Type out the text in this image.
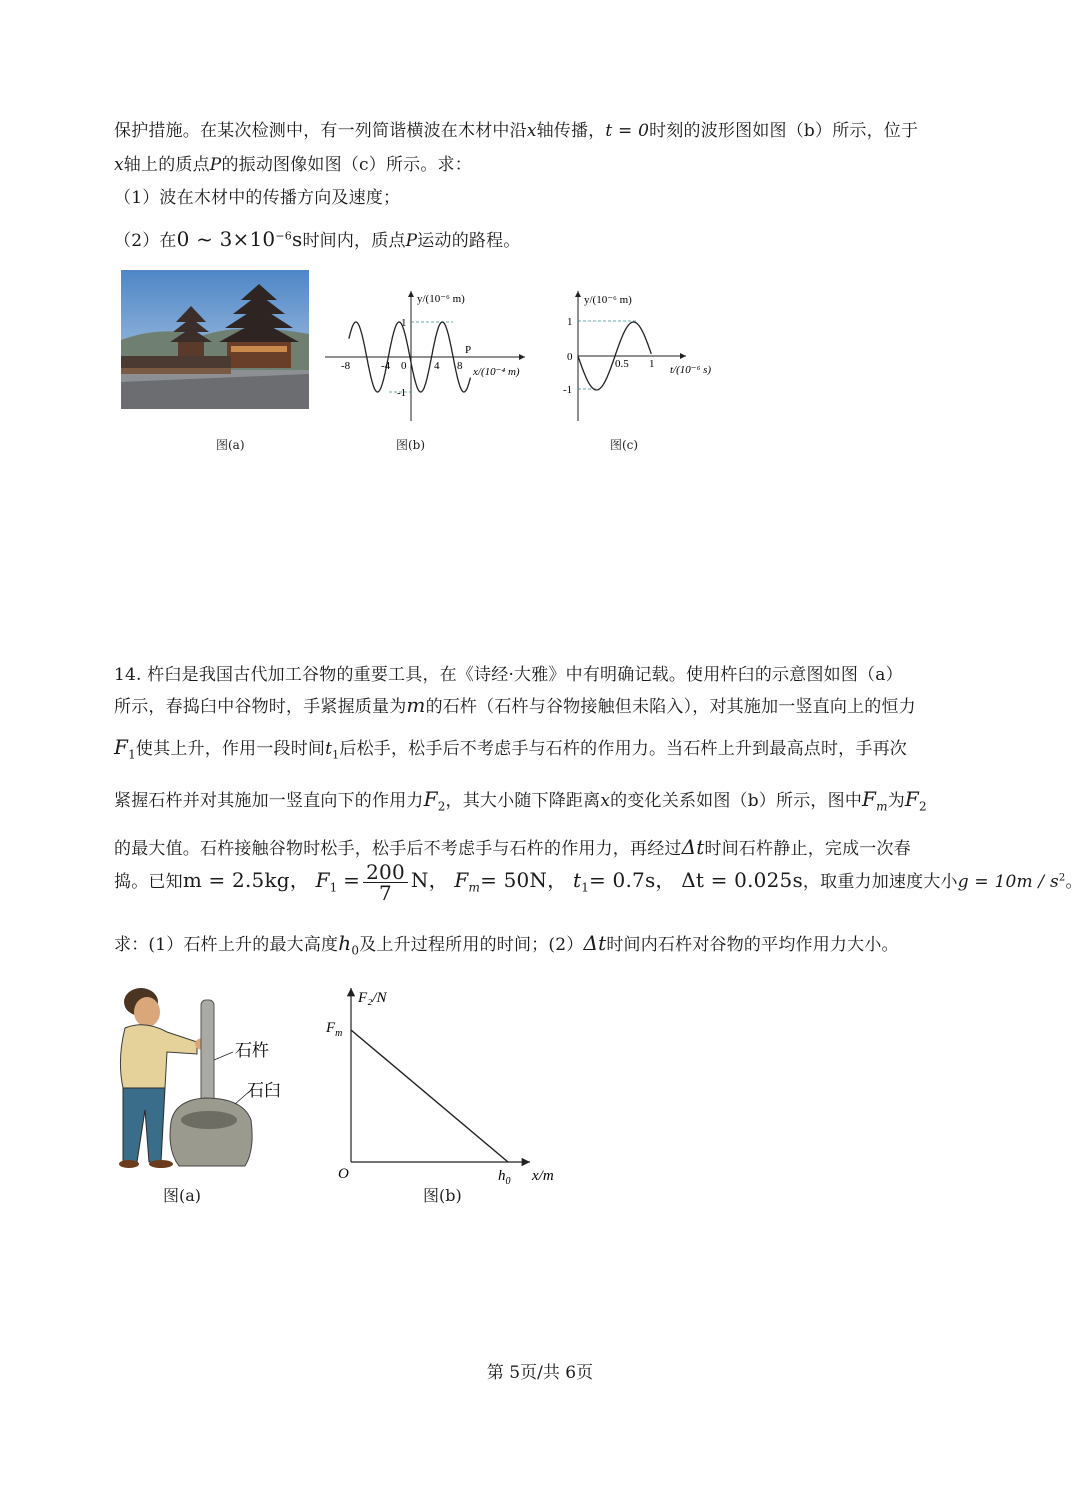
保护措施。在某次检测中，有一列简谐横波在木材中沿x轴传播，t = 0时刻的波形图如图（b）所示，位于
x轴上的质点P的振动图像如图（c）所示。求：
（1）波在木材中的传播方向及速度；
（2）在0 ~ $3\times 10^{-6}s$时间内，质点P运动的路程。
图(a)
y/(10⁻⁶ m)
x/(10⁻⁴ m)
-8	-4 0	4 8
1
-1
P
图(b)
y/(10⁻⁶ m)
t/(10⁻⁶ s)
0.5 1
1
0
-1
图(c)
14. 杵臼是我国古代加工谷物的重要工具，在《诗经·大雅》中有明确记载。使用杵臼的示意图如图（a）
所示，春捣臼中谷物时，手紧握质量为m的石杵（石杵与谷物接触但未陷入），对其施加一竖直向上的恒力
$F_1$使其上升，作用一段时间$t_1$后松手，松手后不考虑手与石杵的作用力。当石杵上升到最高点时，手再次
紧握石杵并对其施加一竖直向下的作用力$F_2$，其大小随下降距离x的变化关系如图（b）所示，图中$F_m$为$F_2$
的最大值。石杵接触谷物时松手，松手后不考虑手与石杵的作用力，再经过Δt时间石杵静止，完成一次春
捣。已知m = 2.5kg， $F_1 = \frac{200}{7}$ N， $F_m= 50N$， $t_1= 0.7s$， Δt = 0.025s，取重力加速度大小$g = 10m / s^2$。
求：(1）石杵上升的最大高度$h_0$及上升过程所用的时间；(2）Δt时间内石杵对谷物的平均作用力大小。
石杵
石臼
图(a)
F₂/N
x/m
$F_m$
$h_0$
O
图(b)
第 5页/共 6页
